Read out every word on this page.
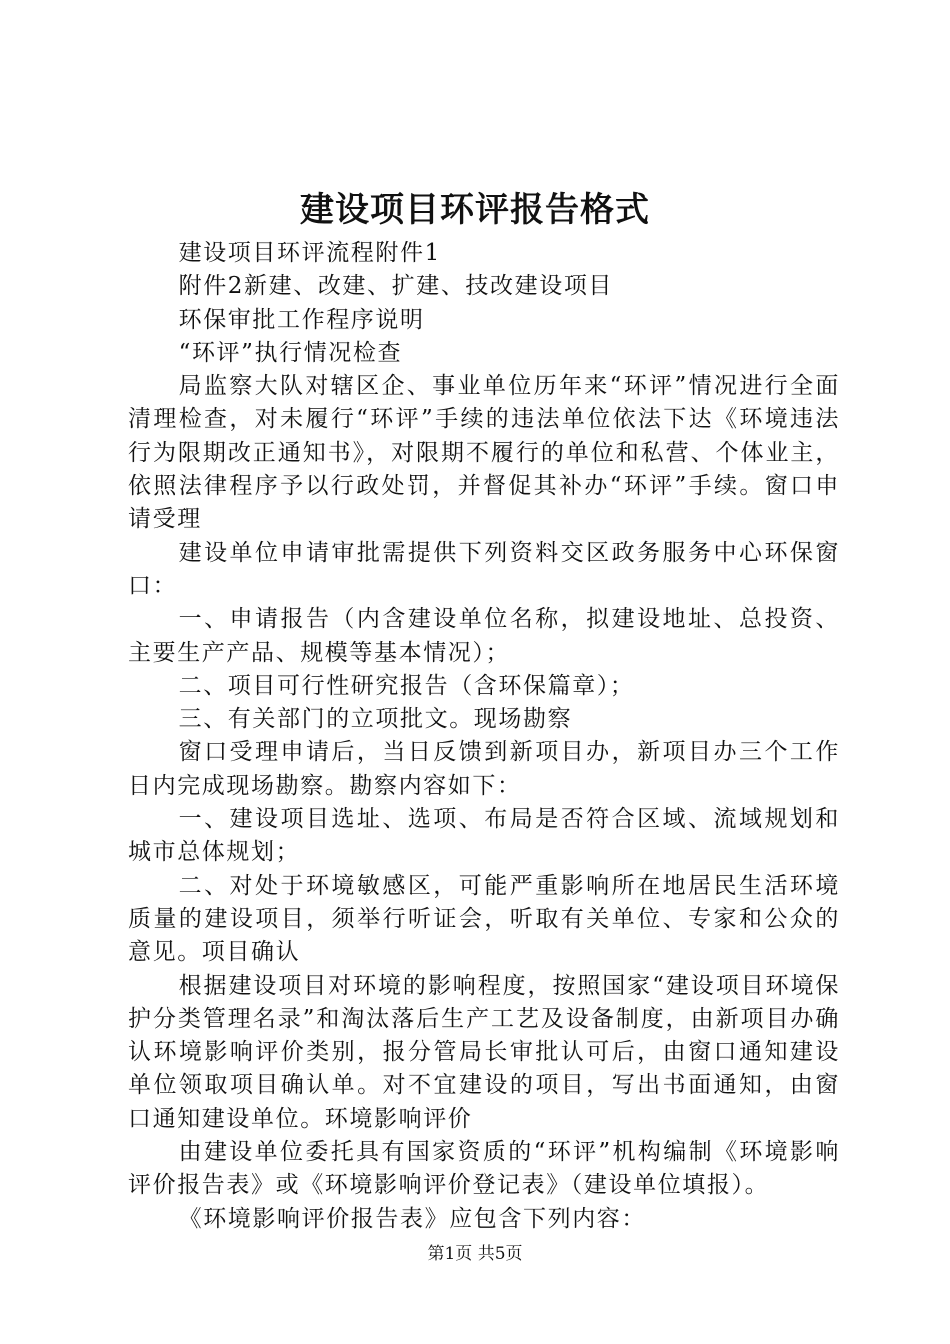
建设项目环评报告格式

建设项目环评流程附件1

附件2新建、改建、扩建、技改建设项目

环保审批工作程序说明

“环评”执行情况检查

局监察大队对辖区企、事业单位历年来“环评”情况进行全面清理检查，对未履行“环评”手续的违法单位依法下达《环境违法行为限期改正通知书》，对限期不履行的单位和私营、个体业主，依照法律程序予以行政处罚，并督促其补办“环评”手续。窗口申请受理

建设单位申请审批需提供下列资料交区政务服务中心环保窗口：

一、申请报告（内含建设单位名称，拟建设地址、总投资、主要生产产品、规模等基本情况）；

二、项目可行性研究报告（含环保篇章）；

三、有关部门的立项批文。现场勘察

窗口受理申请后，当日反馈到新项目办，新项目办三个工作日内完成现场勘察。勘察内容如下：

一、建设项目选址、选项、布局是否符合区域、流域规划和城市总体规划；

二、对处于环境敏感区，可能严重影响所在地居民生活环境质量的建设项目，须举行听证会，听取有关单位、专家和公众的意见。项目确认

根据建设项目对环境的影响程度，按照国家“建设项目环境保护分类管理名录”和淘汰落后生产工艺及设备制度，由新项目办确认环境影响评价类别，报分管局长审批认可后，由窗口通知建设单位领取项目确认单。对不宜建设的项目，写出书面通知，由窗口通知建设单位。环境影响评价

由建设单位委托具有国家资质的“环评”机构编制《环境影响评价报告表》或《环境影响评价登记表》（建设单位填报）。

《环境影响评价报告表》应包含下列内容：

第1页 共5页
